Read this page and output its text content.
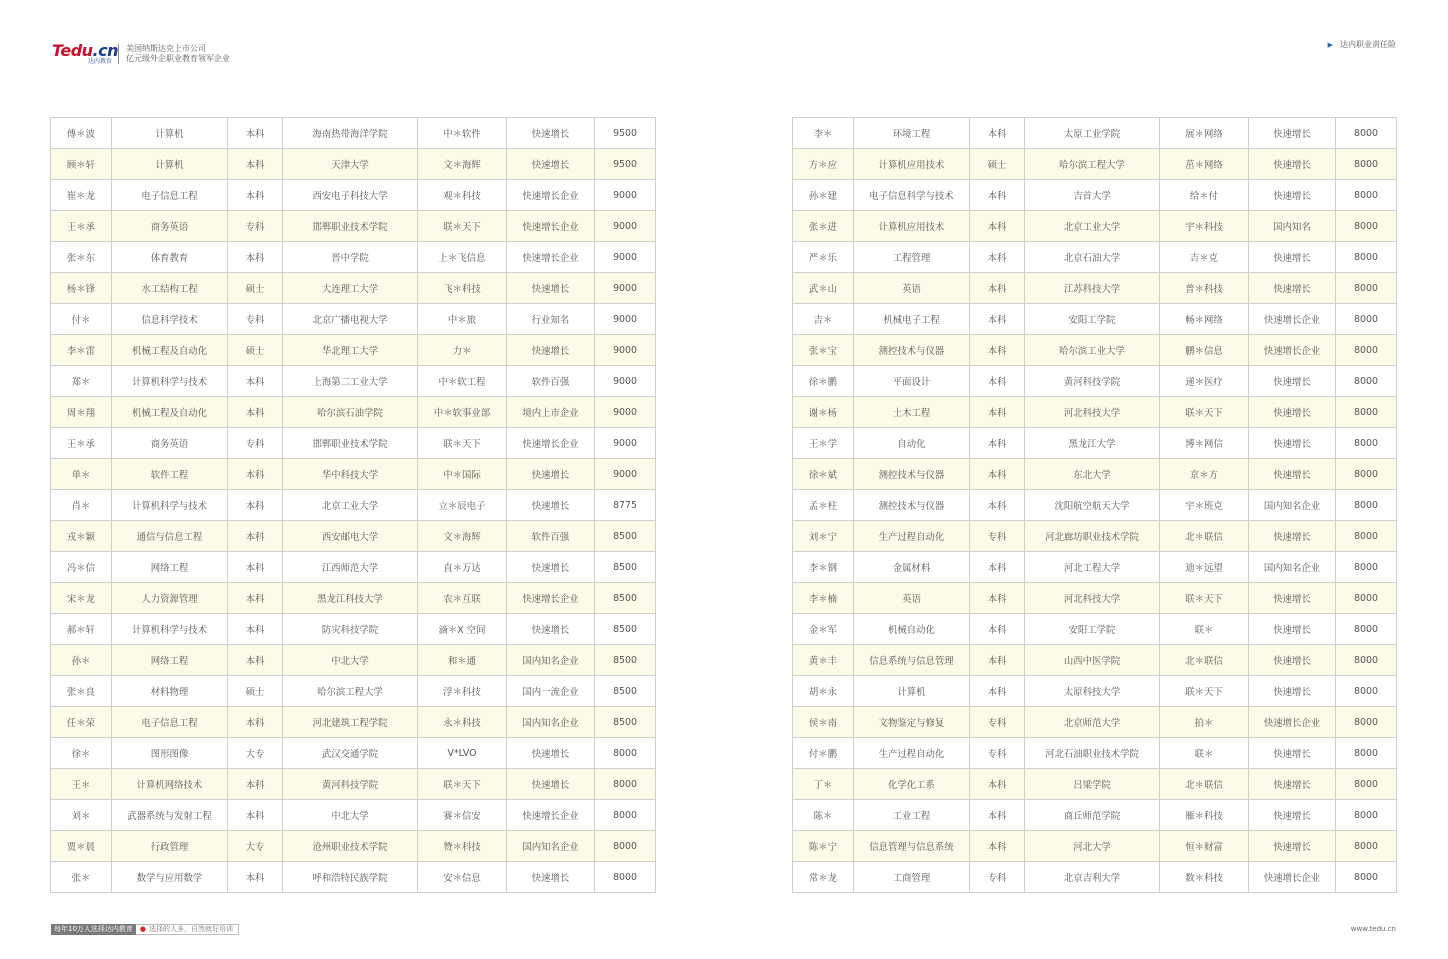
Tedu.cn
达内教育
美国纳斯达克上市公司
亿元级外企职业教育领军企业
▶ 达内职业责任险
傅＊波	计算机	本科	海南热带海洋学院	中＊软件	快速增长	9500
顾＊轩	计算机	本科	天津大学	文＊海辉	快速增长	9500
崔＊龙	电子信息工程	本科	西安电子科技大学	观＊科技	快速增长企业	9000
王＊承	商务英语	专科	邯郸职业技术学院	联＊天下	快速增长企业	9000
张＊东	体育教育	本科	晋中学院	上＊飞信息	快速增长企业	9000
杨＊锋	水工结构工程	硕士	大连理工大学	飞＊科技	快速增长	9000
付＊	信息科学技术	专科	北京广播电视大学	中＊旅	行业知名	9000
李＊雷	机械工程及自动化	硕士	华北理工大学	力＊	快速增长	9000
郑＊	计算机科学与技术	本科	上海第二工业大学	中＊软工程	软件百强	9000
周＊翔	机械工程及自动化	本科	哈尔滨石油学院	中＊软事业部	境内上市企业	9000
王＊承	商务英语	专科	邯郸职业技术学院	联＊天下	快速增长企业	9000
单＊	软件工程	本科	华中科技大学	中＊国际	快速增长	9000
肖＊	计算机科学与技术	本科	北京工业大学	立＊辰电子	快速增长	8775
戎＊颖	通信与信息工程	本科	西安邮电大学	文＊海辉	软件百强	8500
冯＊信	网络工程	本科	江西师范大学	直＊万达	快速增长	8500
宋＊龙	人力资源管理	本科	黑龙江科技大学	农＊互联	快速增长企业	8500
郝＊轩	计算机科学与技术	本科	防灾科技学院	滴＊X 空间	快速增长	8500
孙＊	网络工程	本科	中北大学	和＊通	国内知名企业	8500
张＊良	材料物理	硕士	哈尔滨工程大学	浮＊科技	国内一流企业	8500
任＊荣	电子信息工程	本科	河北建筑工程学院	永＊科技	国内知名企业	8500
徐＊	图形图像	大专	武汉交通学院	V*LVO	快速增长	8000
王＊	计算机网络技术	本科	黄河科技学院	联＊天下	快速增长	8000
刘＊	武器系统与发射工程	本科	中北大学	赛＊信安	快速增长企业	8000
贾＊晨	行政管理	大专	沧州职业技术学院	赞＊科技	国内知名企业	8000
张＊	数学与应用数学	本科	呼和浩特民族学院	安＊信息	快速增长	8000
李＊	环境工程	本科	太原工业学院	展＊网络	快速增长	8000
方＊应	计算机应用技术	硕士	哈尔滨工程大学	茁＊网络	快速增长	8000
孙＊建	电子信息科学与技术	本科	吉首大学	给＊付	快速增长	8000
张＊进	计算机应用技术	本科	北京工业大学	宇＊科技	国内知名	8000
严＊乐	工程管理	本科	北京石油大学	吉＊克	快速增长	8000
武＊山	英语	本科	江苏科技大学	普＊科技	快速增长	8000
吉＊	机械电子工程	本科	安阳工学院	畅＊网络	快速增长企业	8000
张＊宝	测控技术与仪器	本科	哈尔滨工业大学	鹏＊信息	快速增长企业	8000
徐＊鹏	平面设计	本科	黄河科技学院	递＊医疗	快速增长	8000
谢＊杨	土木工程	本科	河北科技大学	联＊天下	快速增长	8000
王＊学	自动化	本科	黑龙江大学	博＊网信	快速增长	8000
徐＊斌	测控技术与仪器	本科	东北大学	京＊方	快速增长	8000
孟＊柱	测控技术与仪器	本科	沈阳航空航天大学	宇＊班克	国内知名企业	8000
刘＊宁	生产过程自动化	专科	河北廊坊职业技术学院	北＊联信	快速增长	8000
李＊钢	金属材料	本科	河北工程大学	迪＊远望	国内知名企业	8000
李＊楠	英语	本科	河北科技大学	联＊天下	快速增长	8000
金＊军	机械自动化	本科	安阳工学院	联＊	快速增长	8000
黄＊丰	信息系统与信息管理	本科	山西中医学院	北＊联信	快速增长	8000
胡＊永	计算机	本科	太原科技大学	联＊天下	快速增长	8000
侯＊南	文物鉴定与修复	专科	北京师范大学	拍＊	快速增长企业	8000
付＊鹏	生产过程自动化	专科	河北石油职业技术学院	联＊	快速增长	8000
丁＊	化学化工系	本科	吕梁学院	北＊联信	快速增长	8000
陈＊	工业工程	本科	商丘师范学院	雁＊科技	快速增长	8000
陈＊宁	信息管理与信息系统	本科	河北大学	恒＊财富	快速增长	8000
常＊龙	工商管理	专科	北京吉利大学	数＊科技	快速增长企业	8000
每年10万人选择达内教育	● 选择的人多，自然就好培训	www.tedu.cn
